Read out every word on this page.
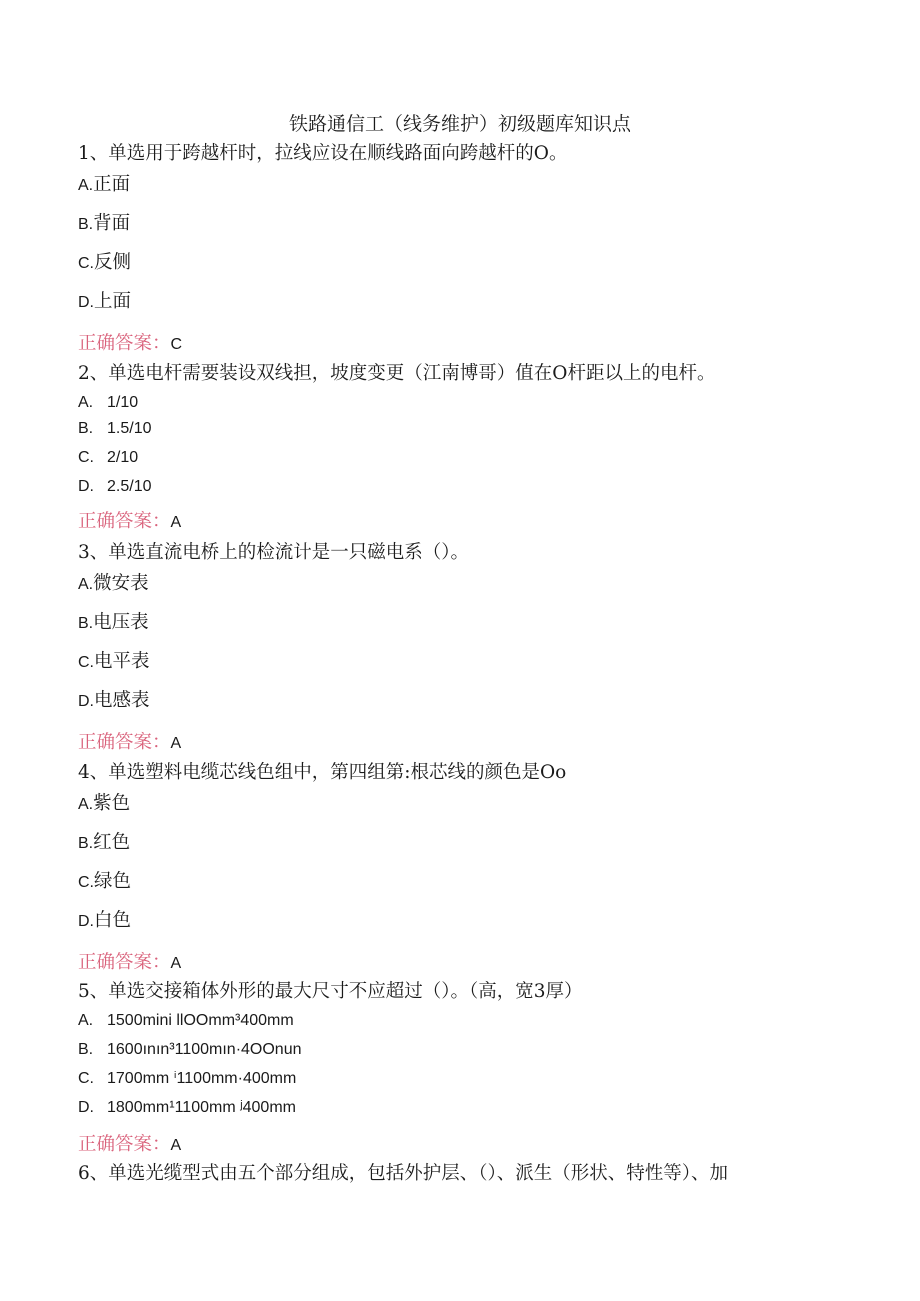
铁路通信工（线务维护）初级题库知识点
1、单选用于跨越杆时，拉线应设在顺线路面向跨越杆的O。
A.正面
B.背面
C.反侧
D.上面
正确答案：C
2、单选电杆需要装设双线担，坡度变更（江南博哥）值在O杆距以上的电杆。
A. 1/10
B. 1.5/10
C. 2/10
D. 2.5/10
正确答案：A
3、单选直流电桥上的检流计是一只磁电系（）。
A.微安表
B.电压表
C.电平表
D.电感表
正确答案：A
4、单选塑料电缆芯线色组中，第四组第:根芯线的颜色是Oo
A.紫色
B.红色
C.绿色
D.白色
正确答案：A
5、单选交接箱体外形的最大尺寸不应超过（）。（高，宽3厚）
A. 1500mini llOOmm³400mm
B. 1600ının³1100mın·4OOnun
C. 1700mm ⁱ1100mm·400mm
D. 1800mm¹1100mm ʲ400mm
正确答案：A
6、单选光缆型式由五个部分组成，包括外护层、（）、派生（形状、特性等）、加
